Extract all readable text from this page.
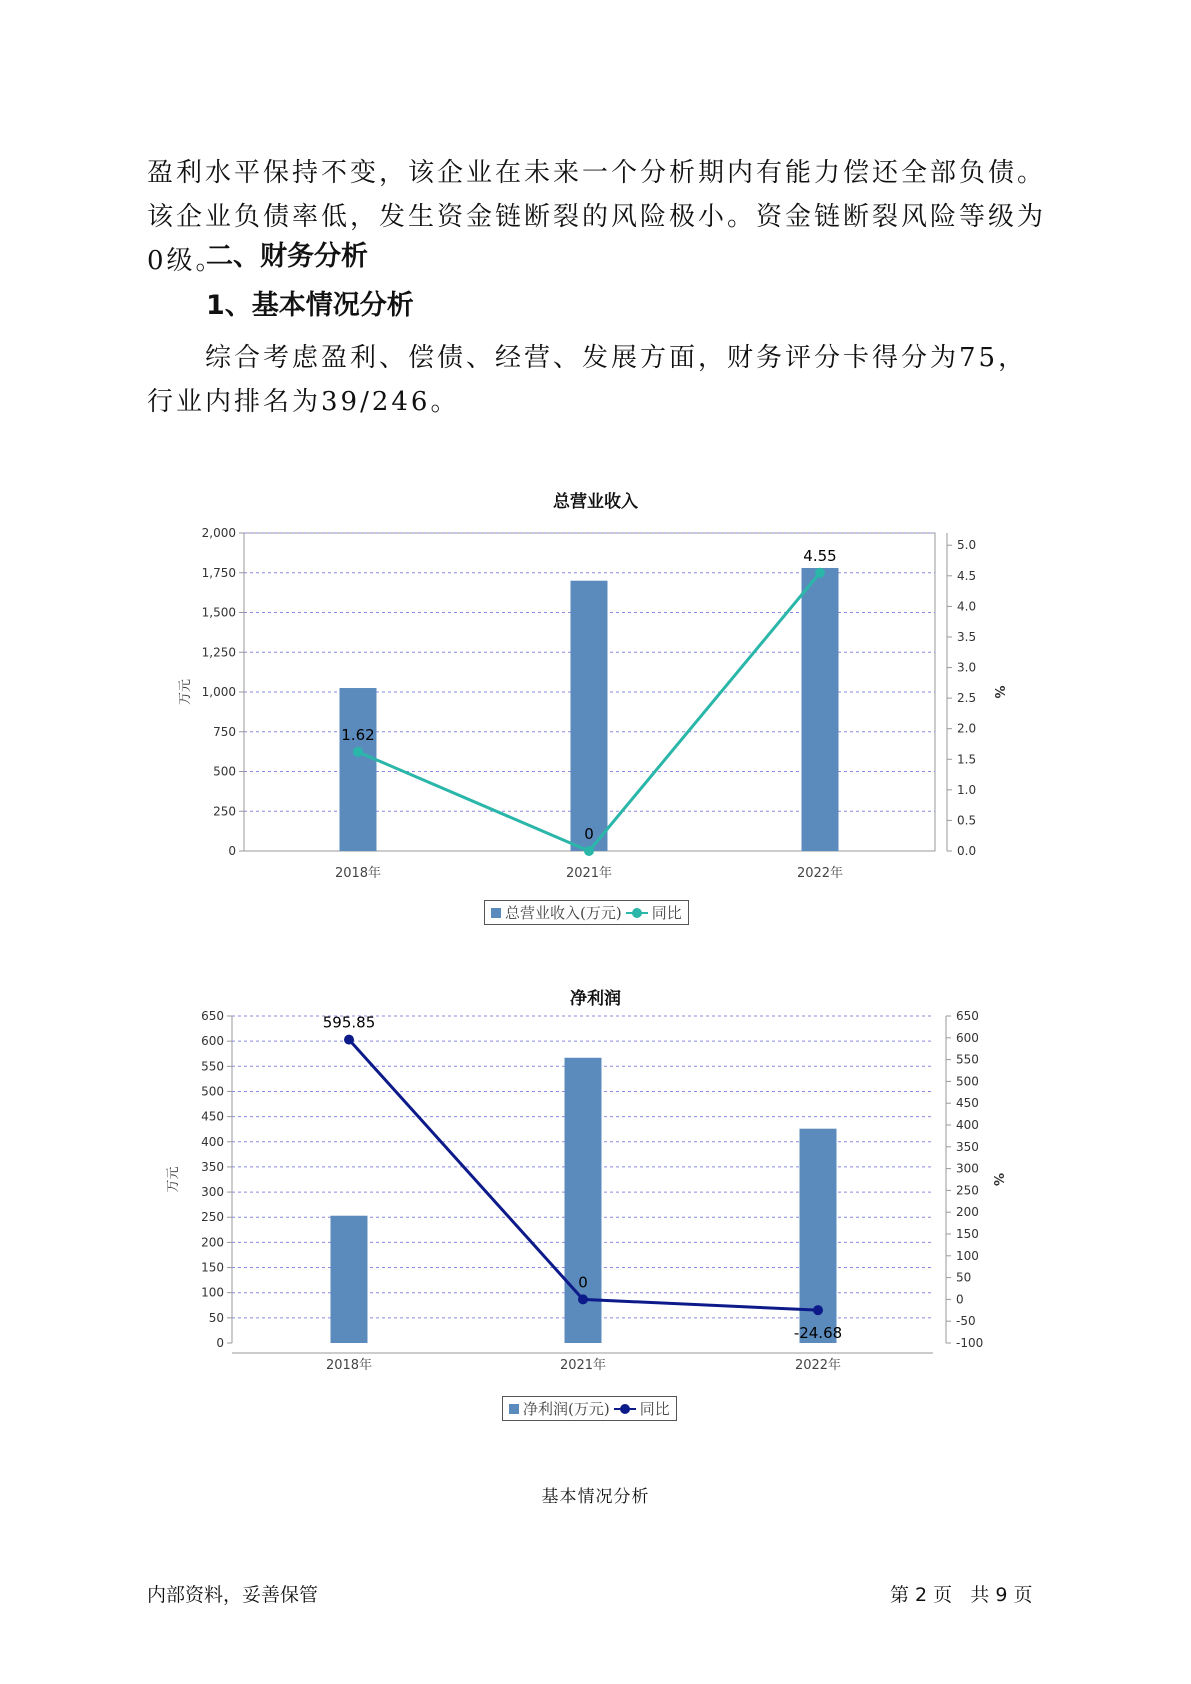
盈利水平保持不变，该企业在未来一个分析期内有能力偿还全部负债。该企业负债率低，发生资金链断裂的风险极小。资金链断裂风险等级为0级。

二、财务分析
1、基本情况分析

　　综合考虑盈利、偿债、经营、发展方面，财务评分卡得分为75，行业内排名为39/246。

总营业收入

0
250
500
750
1,000
1,250
1,500
1,750
2,000
0.0
0.5
1.0
1.5
2.0
2.5
3.0
3.5
4.0
4.5
5.0
万元	%
2018年	2021年	2022年
1.62
0
4.55
总营业收入(万元) 同比

净利润

0
50
100
150
200
250
300
350
400
450
500
550
600
650
-100
-50
0
50
100
150
200
250
300
350
400
450
500
550
600
650
万元	%
2018年	2021年	2022年
595.85
0
-24.68
净利润(万元) 同比

基本情况分析

内部资料，妥善保管	第 2 页   共 9 页
